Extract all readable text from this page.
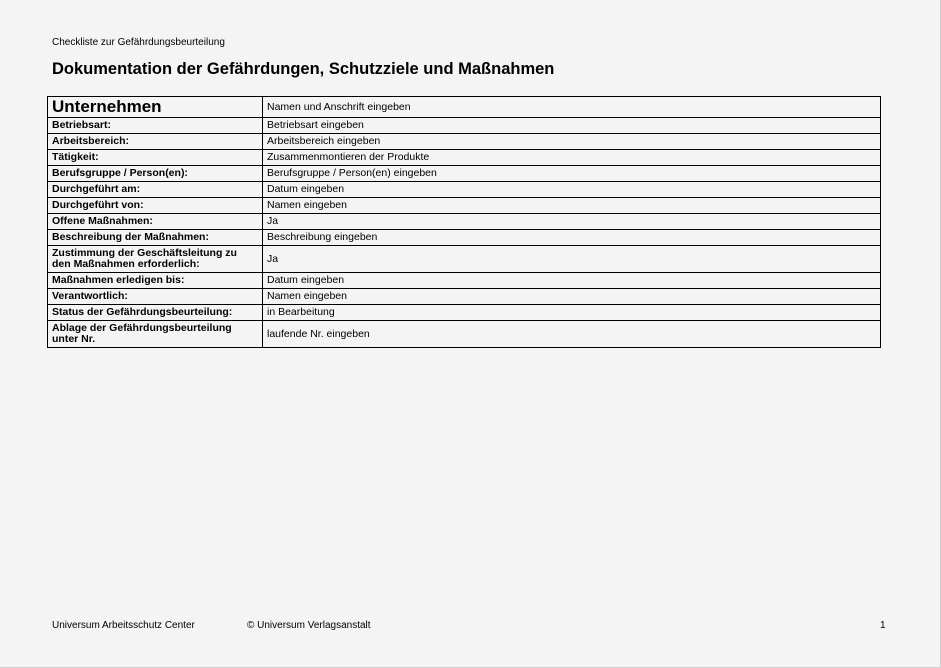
Checkliste zur Gefährdungsbeurteilung
Dokumentation der Gefährdungen, Schutzziele und Maßnahmen
Unternehmen	Namen und Anschrift eingeben
Betriebsart:	Betriebsart eingeben
Arbeitsbereich:	Arbeitsbereich eingeben
Tätigkeit:	Zusammenmontieren der Produkte
Berufsgruppe / Person(en):	Berufsgruppe / Person(en) eingeben
Durchgeführt am:	Datum eingeben
Durchgeführt von:	Namen eingeben
Offene Maßnahmen:	Ja
Beschreibung der Maßnahmen:	Beschreibung eingeben
Zustimmung der Geschäftsleitung zu den Maßnahmen erforderlich:	Ja
Maßnahmen erledigen bis:	Datum eingeben
Verantwortlich:	Namen eingeben
Status der Gefährdungsbeurteilung:	in Bearbeitung
Ablage der Gefährdungsbeurteilung unter Nr.	laufende Nr. eingeben
Universum Arbeitsschutz Center	© Universum Verlagsanstalt	1
